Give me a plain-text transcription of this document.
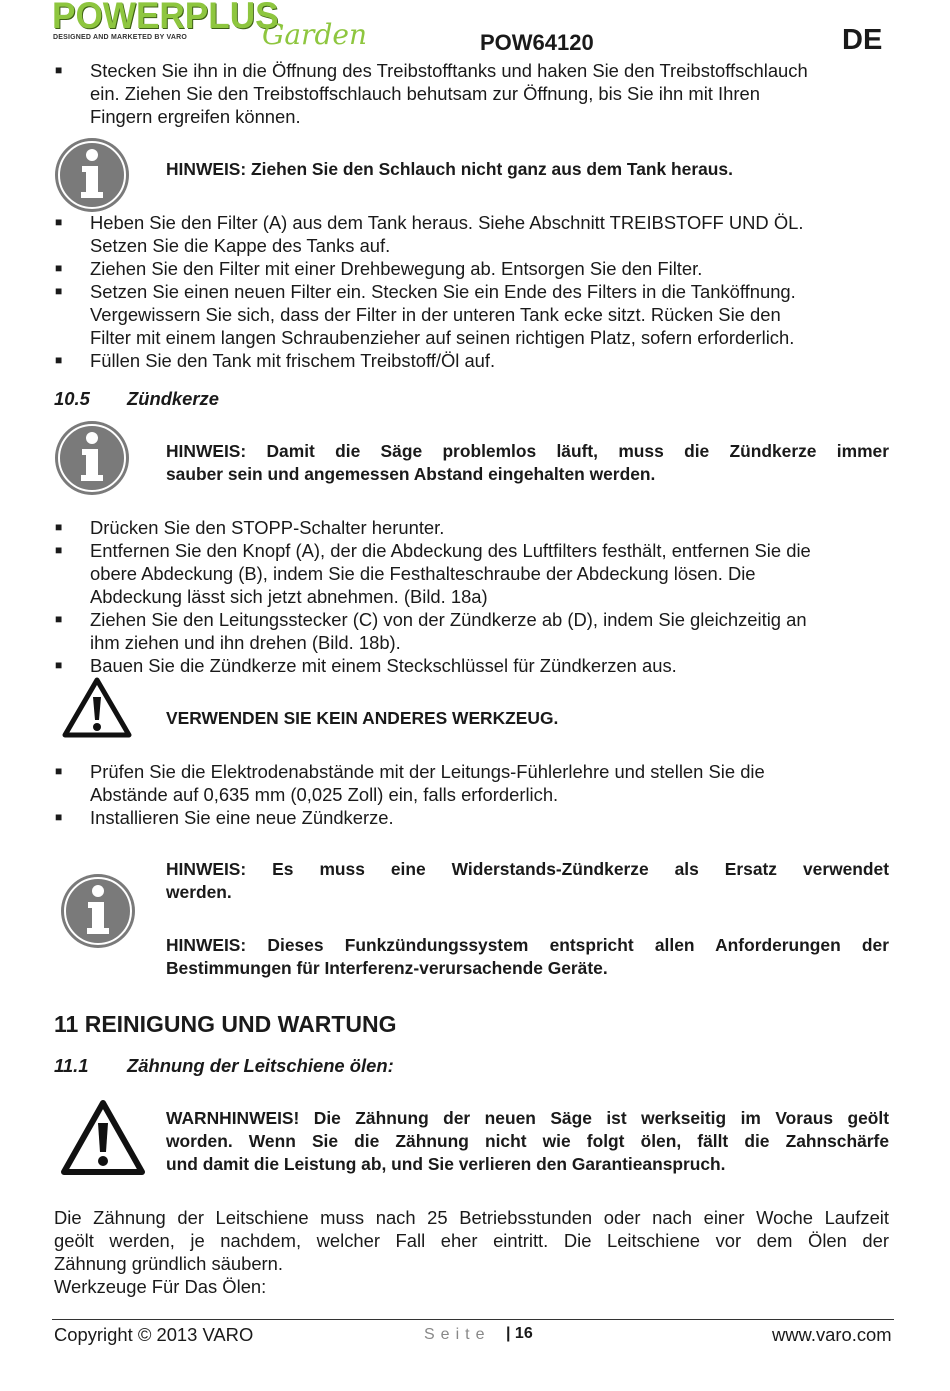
POWERPLUS
DESIGNED AND MARKETED BY VARO	Garden	POW64120	DE
■ Stecken Sie ihn in die Öffnung des Treibstofftanks und haken Sie den Treibstoffschlauch
ein. Ziehen Sie den Treibstoffschlauch behutsam zur Öffnung, bis Sie ihn mit Ihren
Fingern ergreifen können.
HINWEIS: Ziehen Sie den Schlauch nicht ganz aus dem Tank heraus.
■ Heben Sie den Filter (A) aus dem Tank heraus. Siehe Abschnitt TREIBSTOFF UND ÖL.
Setzen Sie die Kappe des Tanks auf.
■ Ziehen Sie den Filter mit einer Drehbewegung ab. Entsorgen Sie den Filter.
■ Setzen Sie einen neuen Filter ein. Stecken Sie ein Ende des Filters in die Tanköffnung.
Vergewissern Sie sich, dass der Filter in der unteren Tank ecke sitzt. Rücken Sie den
Filter mit einem langen Schraubenzieher auf seinen richtigen Platz, sofern erforderlich.
■ Füllen Sie den Tank mit frischem Treibstoff/Öl auf.
10.5 Zündkerze
HINWEIS: Damit die Säge problemlos läuft, muss die Zündkerze immer
sauber sein und angemessen Abstand eingehalten werden.
■ Drücken Sie den STOPP-Schalter herunter.
■ Entfernen Sie den Knopf (A), der die Abdeckung des Luftfilters festhält, entfernen Sie die
obere Abdeckung (B), indem Sie die Festhalteschraube der Abdeckung lösen. Die
Abdeckung lässt sich jetzt abnehmen. (Bild. 18a)
■ Ziehen Sie den Leitungsstecker (C) von der Zündkerze ab (D), indem Sie gleichzeitig an
ihm ziehen und ihn drehen (Bild. 18b).
■ Bauen Sie die Zündkerze mit einem Steckschlüssel für Zündkerzen aus.
VERWENDEN SIE KEIN ANDERES WERKZEUG.
■ Prüfen Sie die Elektrodenabstände mit der Leitungs-Fühlerlehre und stellen Sie die
Abstände auf 0,635 mm (0,025 Zoll) ein, falls erforderlich.
■ Installieren Sie eine neue Zündkerze.
HINWEIS: Es muss eine Widerstands-Zündkerze als Ersatz verwendet
werden.
HINWEIS: Dieses Funkzündungssystem entspricht allen Anforderungen der
Bestimmungen für Interferenz-verursachende Geräte.
11 REINIGUNG UND WARTUNG
11.1 Zähnung der Leitschiene ölen:
WARNHINWEIS! Die Zähnung der neuen Säge ist werkseitig im Voraus geölt
worden. Wenn Sie die Zähnung nicht wie folgt ölen, fällt die Zahnschärfe
und damit die Leistung ab, und Sie verlieren den Garantieanspruch.
Die Zähnung der Leitschiene muss nach 25 Betriebsstunden oder nach einer Woche Laufzeit
geölt werden, je nachdem, welcher Fall eher eintritt. Die Leitschiene vor dem Ölen der
Zähnung gründlich säubern.
Werkzeuge Für Das Ölen:
Copyright © 2013 VARO	Seite | 16	www.varo.com
